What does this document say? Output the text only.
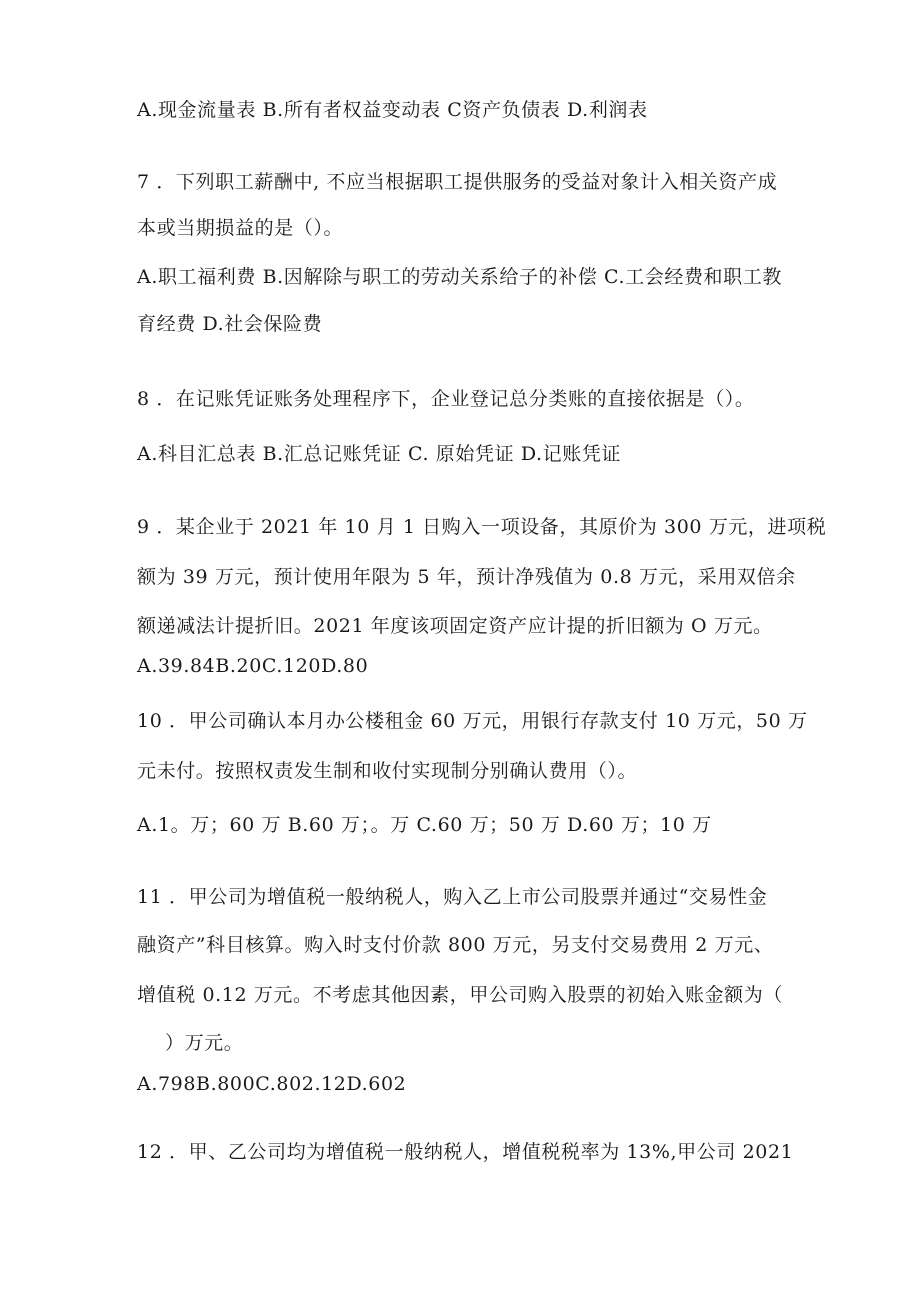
A.现金流量表 B.所有者权益变动表 C资产负债表 D.利润表
7 ．下列职工薪酬中, 不应当根据职工提供服务的受益对象计入相关资产成
本或当期损益的是（）。
A.职工福利费 B.因解除与职工的劳动关系给子的补偿 C.工会经费和职工教
育经费 D.社会保险费
8 ．在记账凭证账务处理程序下，企业登记总分类账的直接依据是（）。
A.科目汇总表 B.汇总记账凭证 C. 原始凭证 D.记账凭证
9 ．某企业于 2021 年 10 月 1 日购入一项设备，其原价为 300 万元，进项税
额为 39 万元，预计使用年限为 5 年，预计净残值为 0.8 万元，采用双倍余
额递减法计提折旧。2021 年度该项固定资产应计提的折旧额为 O 万元。
A.39.84B.20C.120D.80
10 ．甲公司确认本月办公楼租金 60 万元，用银行存款支付 10 万元，50 万
元未付。按照权责发生制和收付实现制分别确认费用（）。
A.1。万；60 万 B.60 万；。万 C.60 万；50 万 D.60 万；10 万
11 ．甲公司为增值税一般纳税人，购入乙上市公司股票并通过“交易性金
融资产”科目核算。购入时支付价款 800 万元，另支付交易费用 2 万元、
增值税 0.12 万元。不考虑其他因素，甲公司购入股票的初始入账金额为（
）万元。
A.798B.800C.802.12D.602
12 ．甲、乙公司均为增值税一般纳税人，增值税税率为 13%,甲公司 2021
